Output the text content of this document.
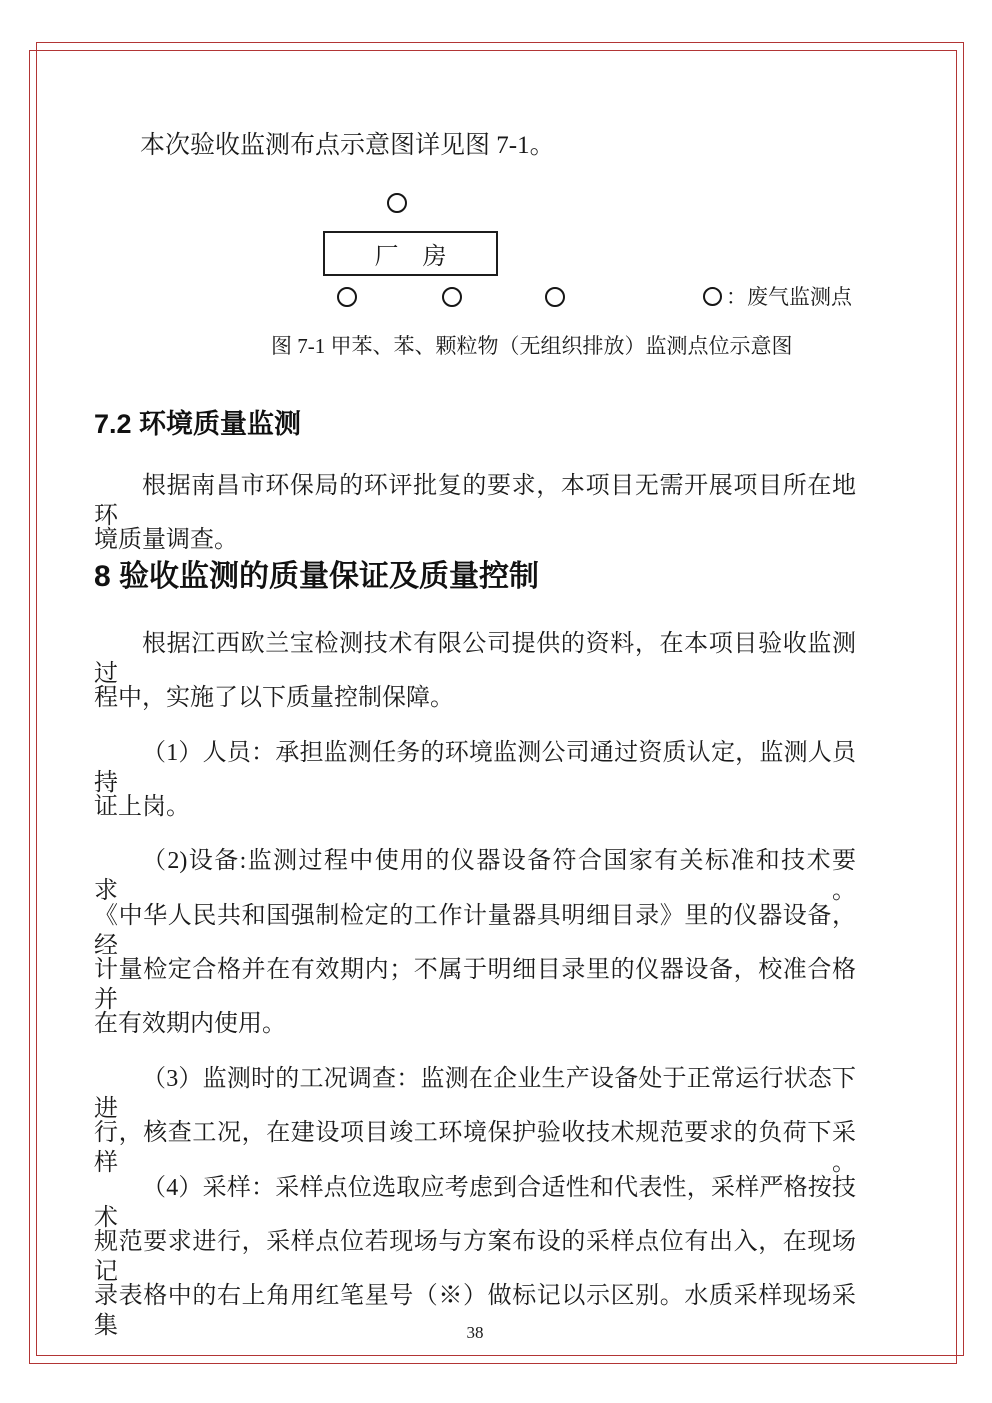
本次验收监测布点示意图详见图 7-1。
厂　房
：废气监测点
图 7-1 甲苯、苯、颗粒物（无组织排放）监测点位示意图
7.2 环境质量监测
根据南昌市环保局的环评批复的要求，本项目无需开展项目所在地环
境质量调查。
8 验收监测的质量保证及质量控制
根据江西欧兰宝检测技术有限公司提供的资料，在本项目验收监测过
程中，实施了以下质量控制保障。
（1）人员：承担监测任务的环境监测公司通过资质认定，监测人员持
证上岗。
（2)设备:监测过程中使用的仪器设备符合国家有关标准和技术要求。
《中华人民共和国强制检定的工作计量器具明细目录》里的仪器设备，经
计量检定合格并在有效期内；不属于明细目录里的仪器设备，校准合格并
在有效期内使用。
（3）监测时的工况调查：监测在企业生产设备处于正常运行状态下进
行，核查工况，在建设项目竣工环境保护验收技术规范要求的负荷下采样。
（4）采样：采样点位选取应考虑到合适性和代表性，采样严格按技术
规范要求进行，采样点位若现场与方案布设的采样点位有出入，在现场记
录表格中的右上角用红笔星号（※）做标记以示区别。水质采样现场采集	38
